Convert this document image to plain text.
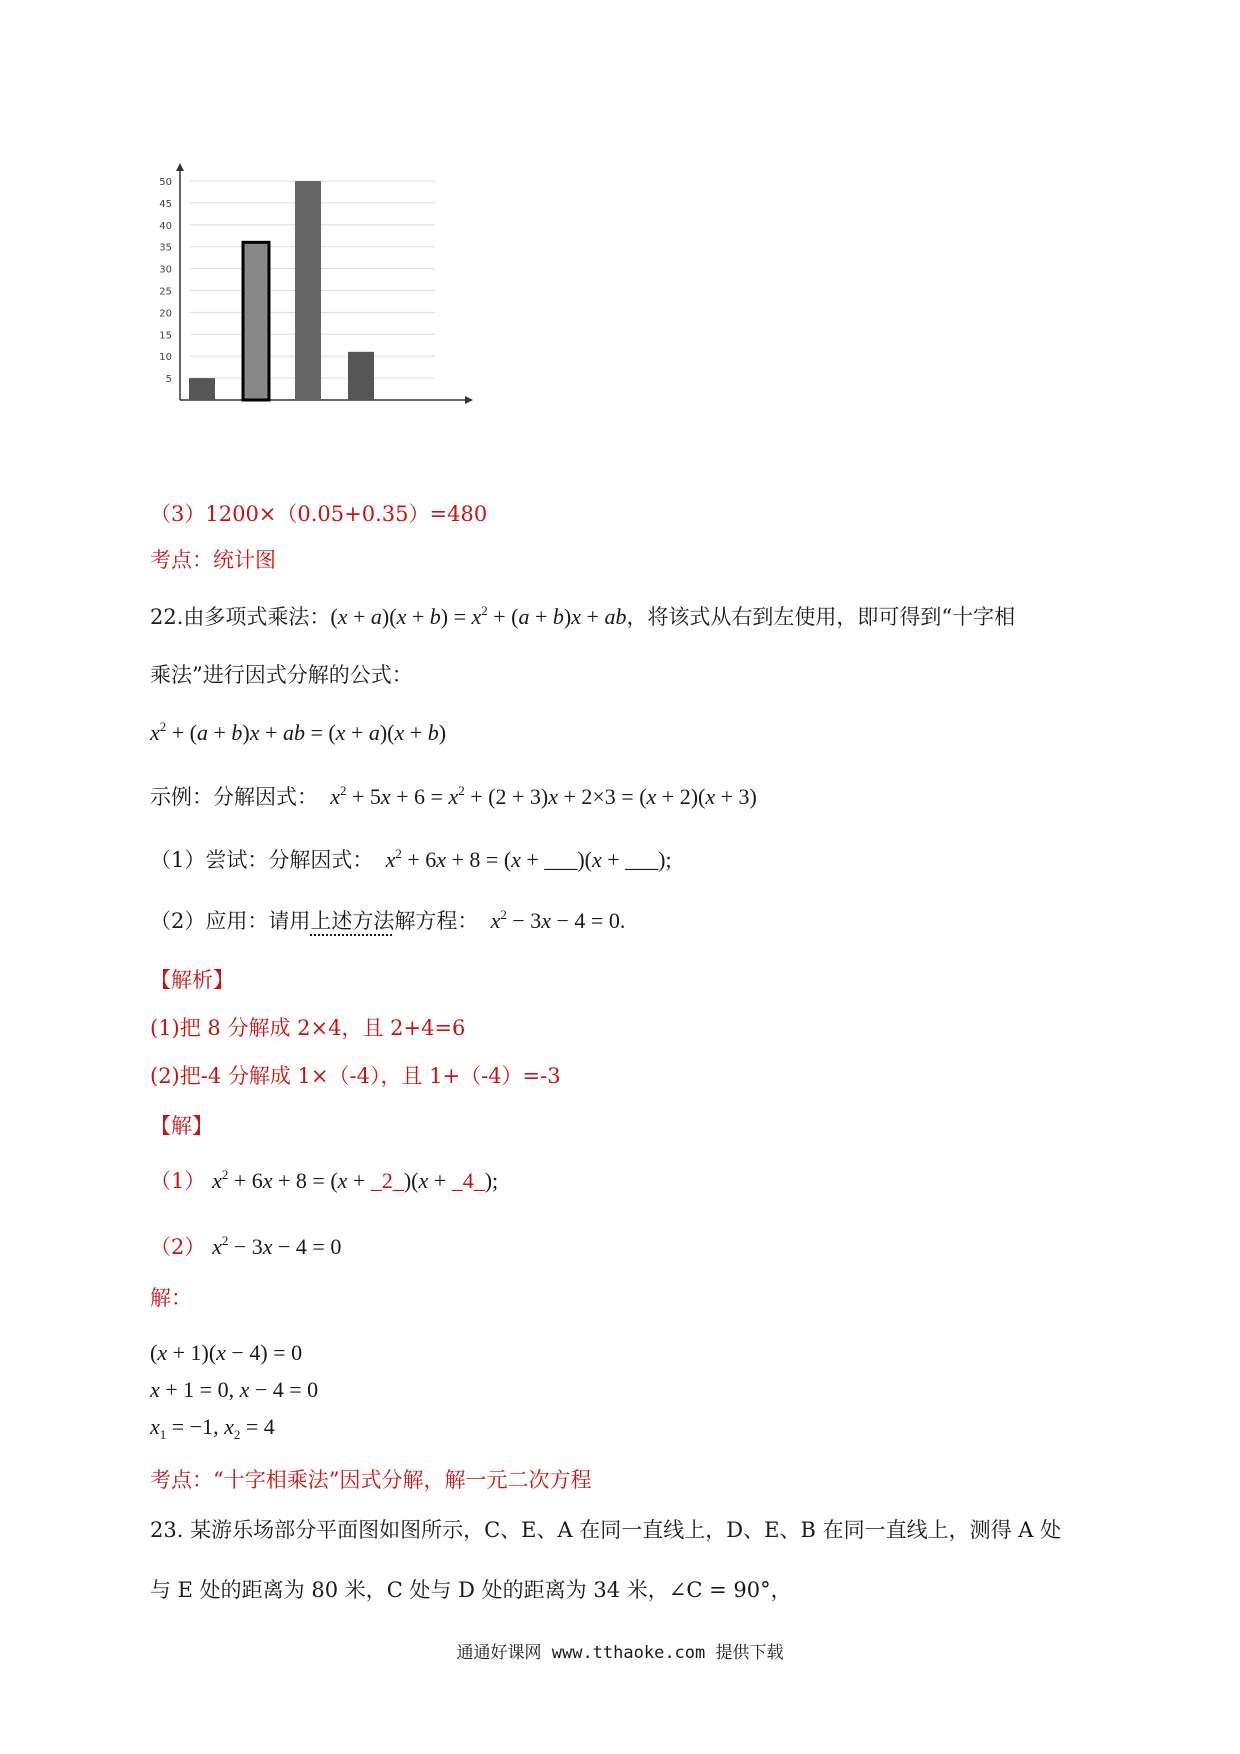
5
10
15
20
25
30
35
40
45
50
（3）1200×（0.05+0.35）=480
考点：统计图
22.由多项式乘法：$(x + a)(x + b) = x^2 + (a + b)x$ + ab，将该式从右到左使用，即可得到“十字相
乘法”进行因式分解的公式：
$x^2 + (a + b)x$ + ab = (x + a)(x + b)
示例：分解因式： $x^2 + 5x + 6 = x^2 + (2 + 3)x + 2\times 3 = (x + 2)(x + 3)$
（1）尝试：分解因式： $x^2 + 6x + 8 = (x$ + ___)(x + ___);
（2）应用：请用上述方法解方程： $x^2 - 3x - 4 = 0$.
【解析】
(1)把 8 分解成 2×4，且 2+4=6
(2)把-4 分解成 1×（-4），且 1+（-4）=-3
【解】
（1） $x^2 + 6x + 8 = (x$ + _2_)(x + _4_);
（2） $x^2 - 3x - 4 = 0$
解：
(x + 1)(x − 4) = 0
x + 1 = 0, x − 4 = 0
$x_1 = -1$, $x_2 = 4$
考点：“十字相乘法”因式分解，解一元二次方程
23. 某游乐场部分平面图如图所示，C、E、A 在同一直线上，D、E、B 在同一直线上，测得 A 处
与 E 处的距离为 80 米，C 处与 D 处的距离为 34 米，∠C = 90°，
通通好课网 www.tthaoke.com 提供下载
